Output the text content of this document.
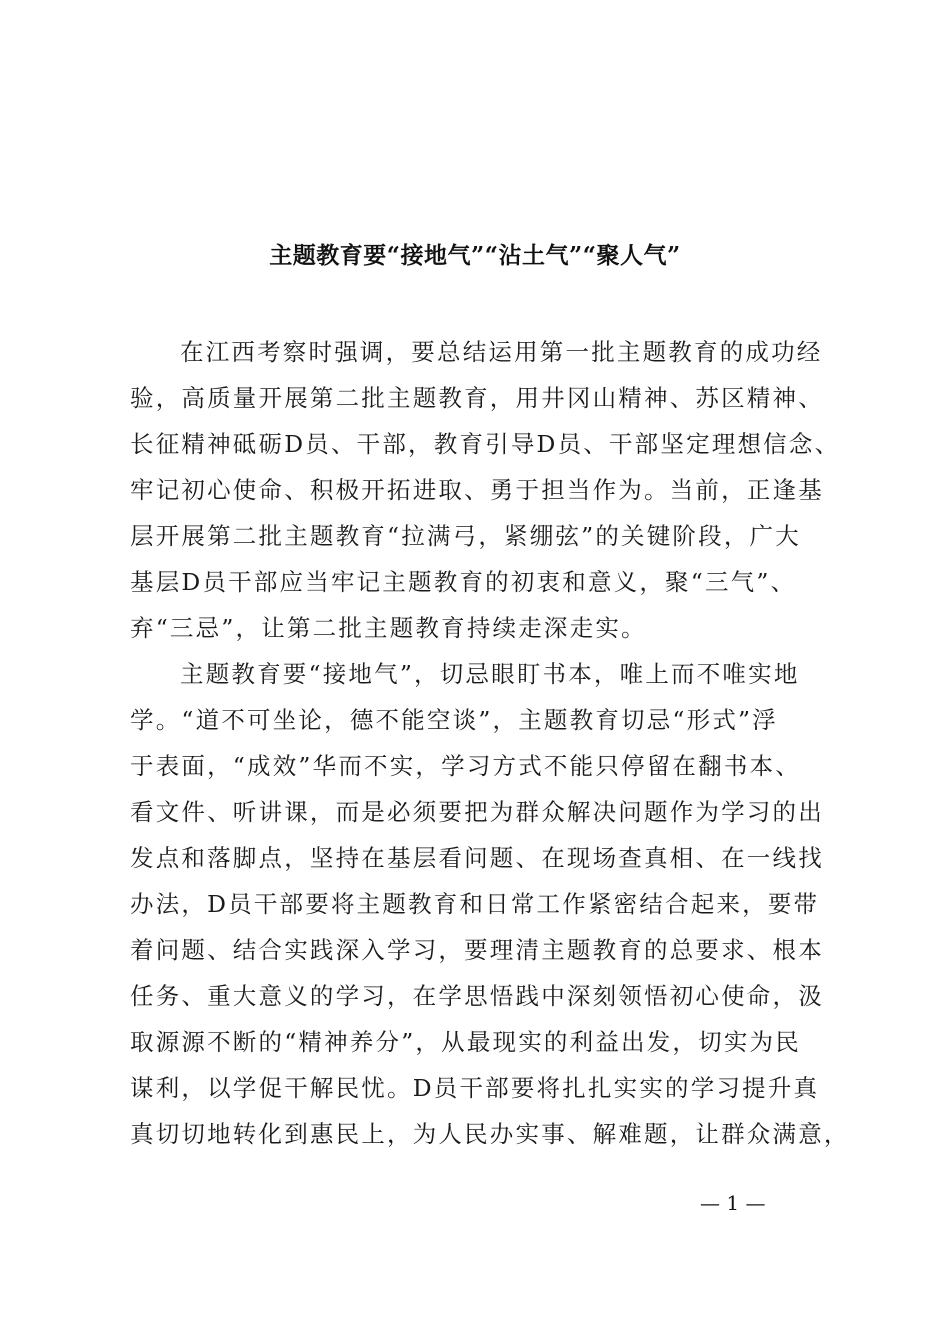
主题教育要“接地气”“沾土气”“聚人气”
在江西考察时强调，要总结运用第一批主题教育的成功经
验，高质量开展第二批主题教育，用井冈山精神、苏区精神、
长征精神砥砺D员、干部，教育引导D员、干部坚定理想信念、
牢记初心使命、积极开拓进取、勇于担当作为。当前，正逢基
层开展第二批主题教育“拉满弓，紧绷弦”的关键阶段，广大
基层D员干部应当牢记主题教育的初衷和意义，聚“三气”、
弃“三忌”，让第二批主题教育持续走深走实。
主题教育要“接地气”，切忌眼盯书本，唯上而不唯实地
学。“道不可坐论，德不能空谈”，主题教育切忌“形式”浮
于表面，“成效”华而不实，学习方式不能只停留在翻书本、
看文件、听讲课，而是必须要把为群众解决问题作为学习的出
发点和落脚点，坚持在基层看问题、在现场查真相、在一线找
办法，D员干部要将主题教育和日常工作紧密结合起来，要带
着问题、结合实践深入学习，要理清主题教育的总要求、根本
任务、重大意义的学习，在学思悟践中深刻领悟初心使命，汲
取源源不断的“精神养分”，从最现实的利益出发，切实为民
谋利，以学促干解民忧。D员干部要将扎扎实实的学习提升真
真切切地转化到惠民上，为人民办实事、解难题，让群众满意，
— 1 —
